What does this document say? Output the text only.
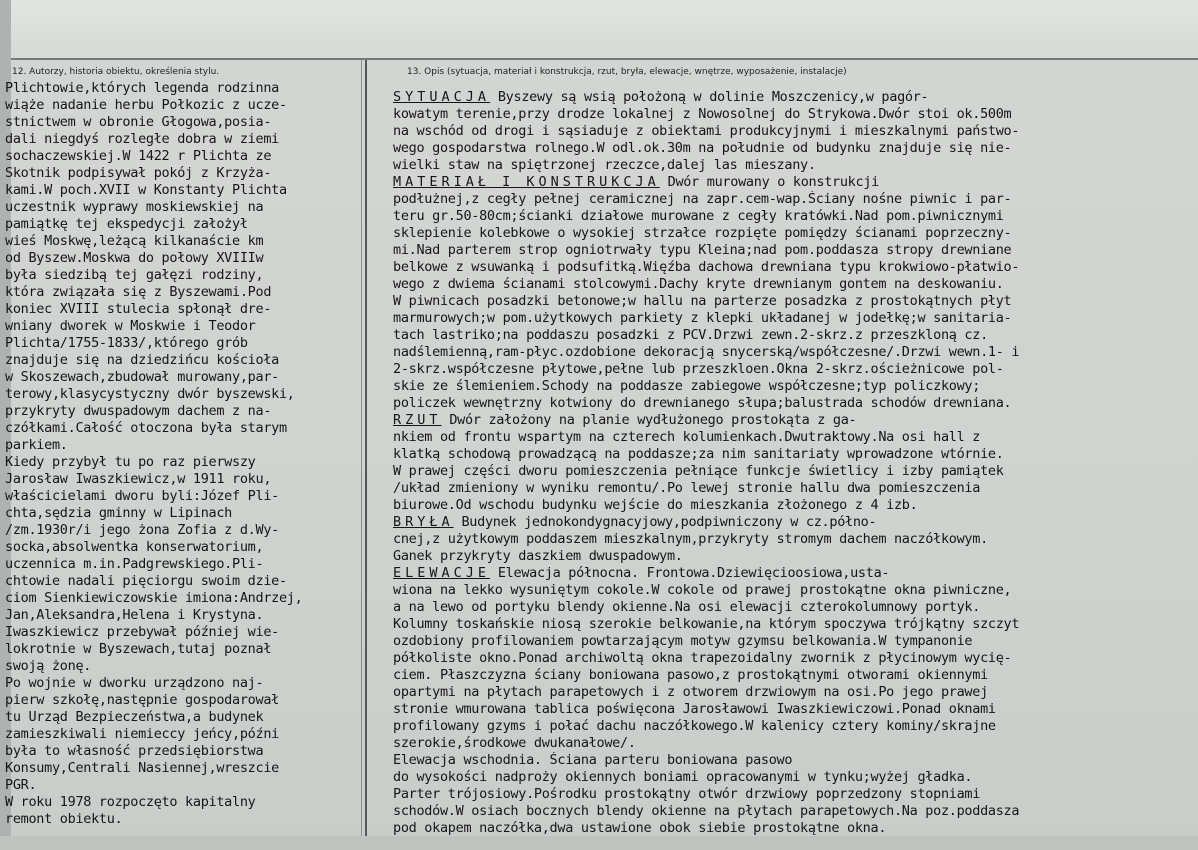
12. Autorzy, historia obiektu, określenia stylu.	13. Opis (sytuacja, materiał i konstrukcja, rzut, bryła, elewacje, wnętrze, wyposażenie, instalacje)
Plichtowie,których legenda rodzinna
wiąże nadanie herbu Połkozic z ucze-
stnictwem w obronie Głogowa,posia-
dali niegdyś rozległe dobra w ziemi
sochaczewskiej.W 1422 r Plichta ze
Skotnik podpisywał pokój z Krzyża-
kami.W poch.XVII w Konstanty Plichta
uczestnik wyprawy moskiewskiej na
pamiątkę tej ekspedycji założył
wieś Moskwę,leżącą kilkanaście km
od Byszew.Moskwa do połowy XVIIIw
była siedzibą tej gałęzi rodziny,
która związała się z Byszewami.Pod
koniec XVIII stulecia spłonął dre-
wniany dworek w Moskwie i Teodor
Plichta/1755-1833/,którego grób
znajduje się na dziedzińcu kościoła
w Skoszewach,zbudował murowany,par-
terowy,klasycystyczny dwór byszewski,
przykryty dwuspadowym dachem z na-
czółkami.Całość otoczona była starym
parkiem.
Kiedy przybył tu po raz pierwszy
Jarosław Iwaszkiewicz,w 1911 roku,
właścicielami dworu byli:Józef Pli-
chta,sędzia gminny w Lipinach
/zm.1930r/i jego żona Zofia z d.Wy-
socka,absolwentka konserwatorium,
uczennica m.in.Padgrewskiego.Pli-
chtowie nadali pięciorgu swoim dzie-
ciom Sienkiewiczowskie imiona:Andrzej,
Jan,Aleksandra,Helena i Krystyna.
Iwaszkiewicz przebywał później wie-
lokrotnie w Byszewach,tutaj poznał
swoją żonę.
Po wojnie w dworku urządzono naj-
pierw szkołę,następnie gospodarował
tu Urząd Bezpieczeństwa,a budynek
zamieszkiwali niemieccy jeńcy,późni
była to własność przedsiębiorstwa
Konsumy,Centrali Nasiennej,wreszcie
PGR.
W roku 1978 rozpoczęto kapitalny
remont obiektu.
SYTUACJA Byszewy są wsią położoną w dolinie Moszczenicy,w pagór-
kowatym terenie,przy drodze lokalnej z Nowosolnej do Strykowa.Dwór stoi ok.500m
na wschód od drogi i sąsiaduje z obiektami produkcyjnymi i mieszkalnymi państwo-
wego gospodarstwa rolnego.W odl.ok.30m na południe od budynku znajduje się nie-
wielki staw na spiętrzonej rzeczce,dalej las mieszany.
MATERIAŁ I KONSTRUKCJA Dwór murowany o konstrukcji
podłużnej,z cegły pełnej ceramicznej na zapr.cem-wap.Ściany nośne piwnic i par-
teru gr.50-80cm;ścianki działowe murowane z cegły kratówki.Nad pom.piwnicznymi
sklepienie kolebkowe o wysokiej strzałce rozpięte pomiędzy ścianami poprzeczny-
mi.Nad parterem strop ogniotrwały typu Kleina;nad pom.poddasza stropy drewniane
belkowe z wsuwanką i podsufitką.Więźba dachowa drewniana typu krokwiowo-płatwio-
wego z dwiema ścianami stolcowymi.Dachy kryte drewnianym gontem na deskowaniu.
W piwnicach posadzki betonowe;w hallu na parterze posadzka z prostokątnych płyt
marmurowych;w pom.użytkowych parkiety z klepki układanej w jodełkę;w sanitaria-
tach lastriko;na poddaszu posadzki z PCV.Drzwi zewn.2-skrz.z przeszkloną cz.
nadślemienną,ram-płyc.ozdobione dekoracją snycerską/współczesne/.Drzwi wewn.1- i
2-skrz.współczesne płytowe,pełne lub przeszkloen.Okna 2-skrz.ościeżnicowe pol-
skie ze ślemieniem.Schody na poddasze zabiegowe współczesne;typ policzkowy;
policzek wewnętrzny kotwiony do drewnianego słupa;balustrada schodów drewniana.
RZUT Dwór założony na planie wydłużonego prostokąta z ga-
nkiem od frontu wspartym na czterech kolumienkach.Dwutraktowy.Na osi hall z
klatką schodową prowadzącą na poddasze;za nim sanitariaty wprowadzone wtórnie.
W prawej części dworu pomieszczenia pełniące funkcje świetlicy i izby pamiątek
/układ zmieniony w wyniku remontu/.Po lewej stronie hallu dwa pomieszczenia
biurowe.Od wschodu budynku wejście do mieszkania złożonego z 4 izb.
BRYŁA Budynek jednokondygnacyjowy,podpiwniczony w cz.półno-
cnej,z użytkowym poddaszem mieszkalnym,przykryty stromym dachem naczółkowym.
Ganek przykryty daszkiem dwuspadowym.
ELEWACJE Elewacja północna. Frontowa.Dziewięcioosiowa,usta-
wiona na lekko wysuniętym cokole.W cokole od prawej prostokątne okna piwniczne,
a na lewo od portyku blendy okienne.Na osi elewacji czterokolumnowy portyk.
Kolumny toskańskie niosą szerokie belkowanie,na którym spoczywa trójkątny szczyt
ozdobiony profilowaniem powtarzającym motyw gzymsu belkowania.W tympanonie
półkoliste okno.Ponad archiwoltą okna trapezoidalny zwornik z płycinowym wycię-
ciem. Płaszczyzna ściany boniowana pasowo,z prostokątnymi otworami okiennymi
opartymi na płytach parapetowych i z otworem drzwiowym na osi.Po jego prawej
stronie wmurowana tablica poświęcona Jarosławowi Iwaszkiewiczowi.Ponad oknami
profilowany gzyms i połać dachu naczółkowego.W kalenicy cztery kominy/skrajne
szerokie,środkowe dwukanałowe/.
Elewacja wschodnia. Ściana parteru boniowana pasowo
do wysokości nadproży okiennych boniami opracowanymi w tynku;wyżej gładka.
Parter trójosiowy.Pośrodku prostokątny otwór drzwiowy poprzedzony stopniami
schodów.W osiach bocznych blendy okienne na płytach parapetowych.Na poz.poddasza
pod okapem naczółka,dwa ustawione obok siebie prostokątne okna.
